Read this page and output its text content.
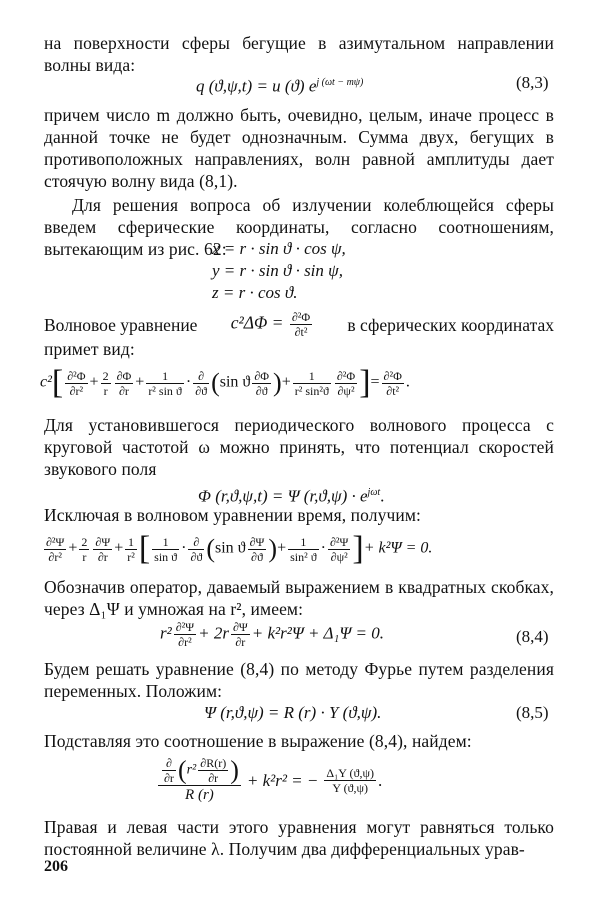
на поверхности сферы бегущие в азимутальном направлении волны вида:
q (ϑ,ψ,t) = u (ϑ) $e^{j (\omega t - m\psi)}$	(8,3)
причем число m должно быть, очевидно, целым, иначе процесс в данной точке не будет однозначным. Сумма двух, бегущих в противоположных направлениях, волн равной амплитуды дает стоячую волну вида (8,1).
Для решения вопроса об излучении колеблющейся сферы введем сферические координаты, согласно соотношениям, вытекающим из рис. 62:
x = r · sin ϑ · cos ψ,
y = r · sin ϑ · sin ψ,
z = r · cos ϑ.
Волновое уравнение $c^2\Delta\Phi = \frac{\text{∂²Φ}}{\text{∂t²}}$ в сферических координатах
примет вид:
$c^2[ \frac{\text{∂²Φ}}{\text{∂r²}} + \frac{2}{r} \frac{\partial\Phi}{\partial r} + \frac{1}{\text{r² sin ϑ}} \cdot \frac{\partial}{\partial ϑ} (\sin$ ϑ $\frac{\partial\Phi}{\partial ϑ}$ )+ $\frac{1}{\text{r² sin²ϑ}} \frac{\text{∂²Φ}}{\text{∂ψ²}}$ ]= $\frac{\text{∂²Φ}}{\text{∂t²}}$ .
Для установившегося периодического волнового процесса с круговой частотой ω можно принять, что потенциал скоростей звукового поля
Φ (r,ϑ,ψ,t) = Ψ $(r,ϑ,\psi) \cdot e^{j\omega t}$.
Исключая в волновом уравнении время, получим:
$\frac{\text{∂²Ψ}}{\text{∂r²}} + \frac{2}{r} \frac{\partial\Psi}{\partial r} + \frac{1}{\text{r²}}$ [ $\frac{1}{\text{sin ϑ}} \cdot \frac{\partial}{\partial ϑ} (\sin$ ϑ $\frac{\partial\Psi}{\partial ϑ}$ )+ $\frac{1}{\text{sin² ϑ}} \cdot \frac{\text{∂²Ψ}}{\text{∂ψ²}}$ ]+ k²Ψ = 0.
Обозначив оператор, даваемый выражением в квадратных скобках, через Δ₁Ψ и умножая на r², имеем:
$r^2 \frac{\text{∂²Ψ}}{\text{∂r²}} + 2r \frac{\partial\Psi}{\partial r} + k^2r^2\Psi + \Delta_1\Psi = 0$.	(8,4)
Будем решать уравнение (8,4) по методу Фурье путем разделения переменных. Положим:
Ψ (r,ϑ,ψ) = R (r) · Y (ϑ,ψ).	(8,5)
Подставляя это соотношение в выражение (8,4), найдем:
$\frac{\frac{\partial}{\partial r} (r^2 \frac{\partial R(r)}{\partial r} )}{R (r)} + k^2r^2$ = − $\frac{\text{Δ₁Y (ϑ,ψ)}}{Y (ϑ,\psi)}$ .
Правая и левая части этого уравнения могут равняться только постоянной величине λ. Получим два дифференциальных урав-
206
